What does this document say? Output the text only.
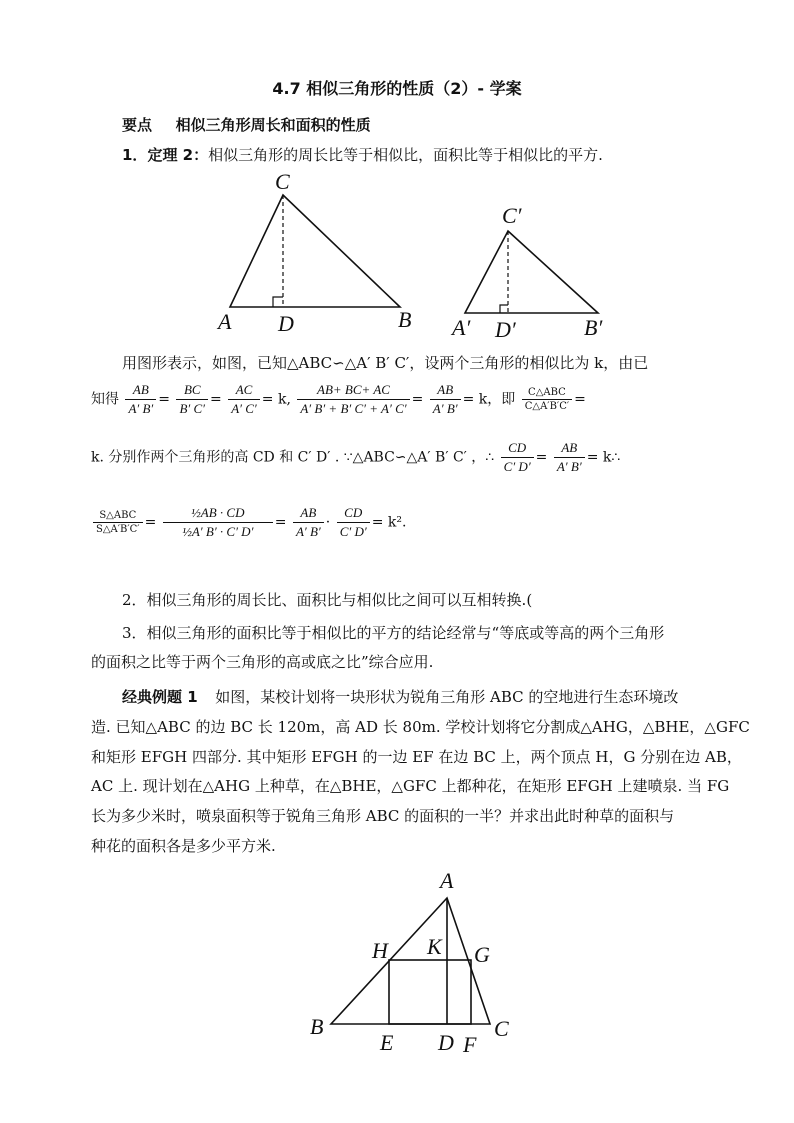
4.7 相似三角形的性质（2）- 学案
要点 相似三角形周长和面积的性质
1．定理 2：相似三角形的周长比等于相似比，面积比等于相似比的平方.
C
A D	B
C′
A′ D′	B′
用图形表示，如图，已知△ABC∽△A′ B′ C′，设两个三角形的相似比为 k，由已
知得 $\frac{AB}{A' B'} = \frac{BC}{B' C'} = \frac{AC}{A' C'} = k$, $\frac{AB+ BC+ AC}{A' B' + B' C' + A' C'} = \frac{AB}{A' B'} = k$，即 $\frac{\text{C△ABC}}{C\triangle A'B'C'}$ =
k. 分别作两个三角形的高 CD 和 C′ D′ . ∵△ABC∽△A′ B′ C′ ，∴ $\frac{CD}{C' D'} = \frac{AB}{A' B'}$ = k∴
$\frac{\text{S△ABC}}{S\triangle A'B'C'} = \frac{\text{½AB · CD}}{\text{½A′ B′ · C′ D′}} = \frac{AB}{A' B'} \cdot \frac{CD}{C' D'} = k^2$.
2．相似三角形的周长比、面积比与相似比之间可以互相转换.(
3．相似三角形的面积比等于相似比的平方的结论经常与“等底或等高的两个三角形
的面积之比等于两个三角形的高或底之比”综合应用.
经典例题 1 如图，某校计划将一块形状为锐角三角形 ABC 的空地进行生态环境改
造. 已知△ABC 的边 BC 长 120m，高 AD 长 80m. 学校计划将它分割成△AHG，△BHE，△GFC
和矩形 EFGH 四部分. 其中矩形 EFGH 的一边 EF 在边 BC 上，两个顶点 H，G 分别在边 AB，
AC 上. 现计划在△AHG 上种草，在△BHE，△GFC 上都种花，在矩形 EFGH 上建喷泉. 当 FG
长为多少米时，喷泉面积等于锐角三角形 ABC 的面积的一半？并求出此时种草的面积与
种花的面积各是多少平方米.
A
H K G
B
E D F
C
